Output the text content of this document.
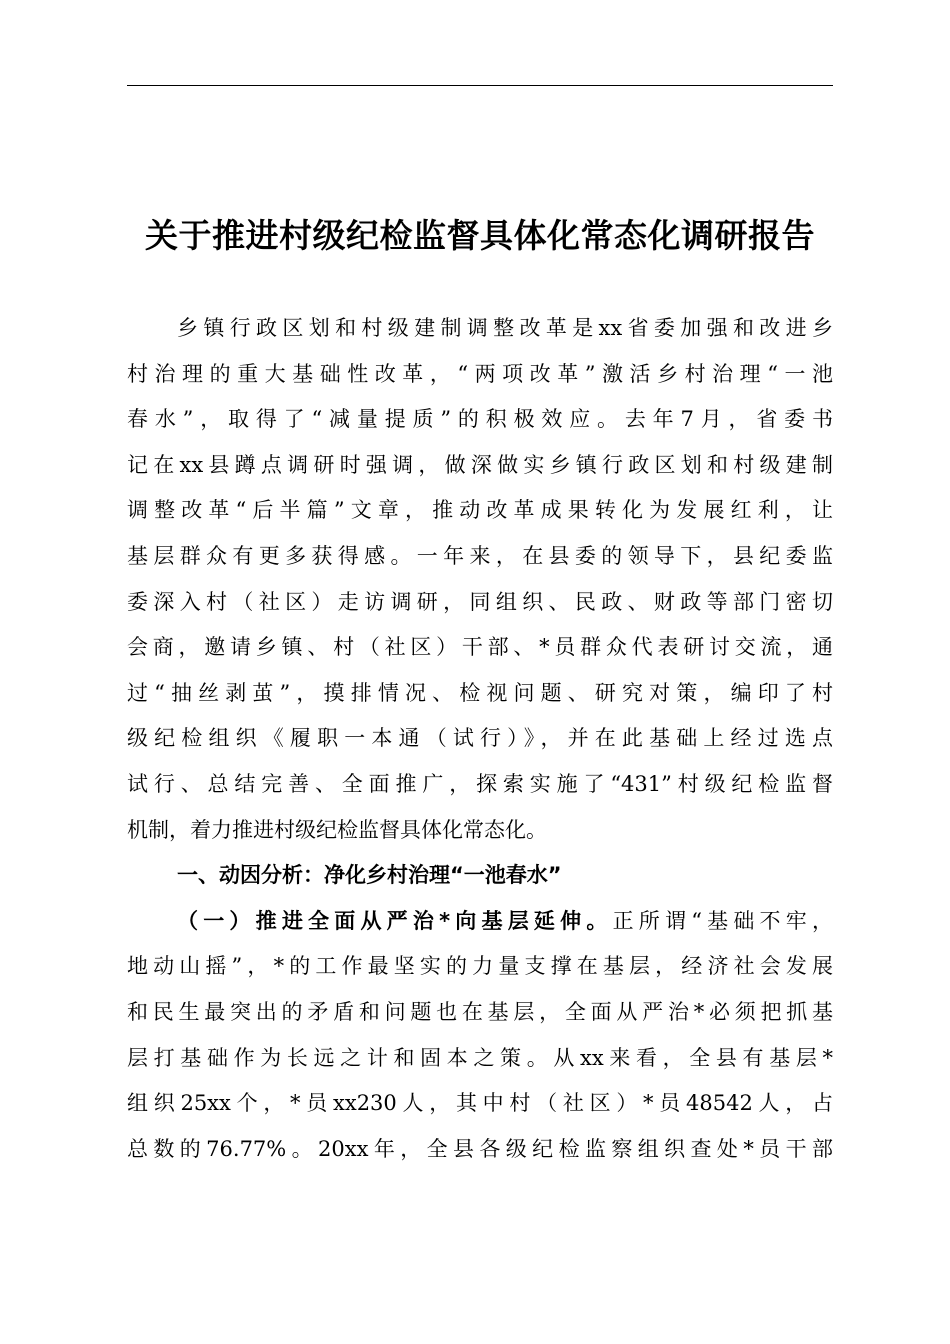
关于推进村级纪检监督具体化常态化调研报告
乡镇行政区划和村级建制调整改革是xx省委加强和改进乡
村治理的重大基础性改革，“两项改革”激活乡村治理“一池
春水”，取得了“减量提质”的积极效应。去年7月，省委书
记在xx县蹲点调研时强调，做深做实乡镇行政区划和村级建制
调整改革“后半篇”文章，推动改革成果转化为发展红利，让
基层群众有更多获得感。一年来，在县委的领导下，县纪委监
委深入村（社区）走访调研，同组织、民政、财政等部门密切
会商，邀请乡镇、村（社区）干部、*员群众代表研讨交流，通
过“抽丝剥茧”，摸排情况、检视问题、研究对策，编印了村
级纪检组织《履职一本通（试行）》，并在此基础上经过选点
试行、总结完善、全面推广，探索实施了“431”村级纪检监督
机制，着力推进村级纪检监督具体化常态化。
一、动因分析：净化乡村治理“一池春水”
（一）推进全面从严治*向基层延伸。正所谓“基础不牢，
地动山摇”，*的工作最坚实的力量支撑在基层，经济社会发展
和民生最突出的矛盾和问题也在基层，全面从严治*必须把抓基
层打基础作为长远之计和固本之策。从xx来看，全县有基层*
组织25xx个，*员xx230人，其中村（社区）*员48542人，占
总数的76.77%。20xx年，全县各级纪检监察组织查处*员干部
